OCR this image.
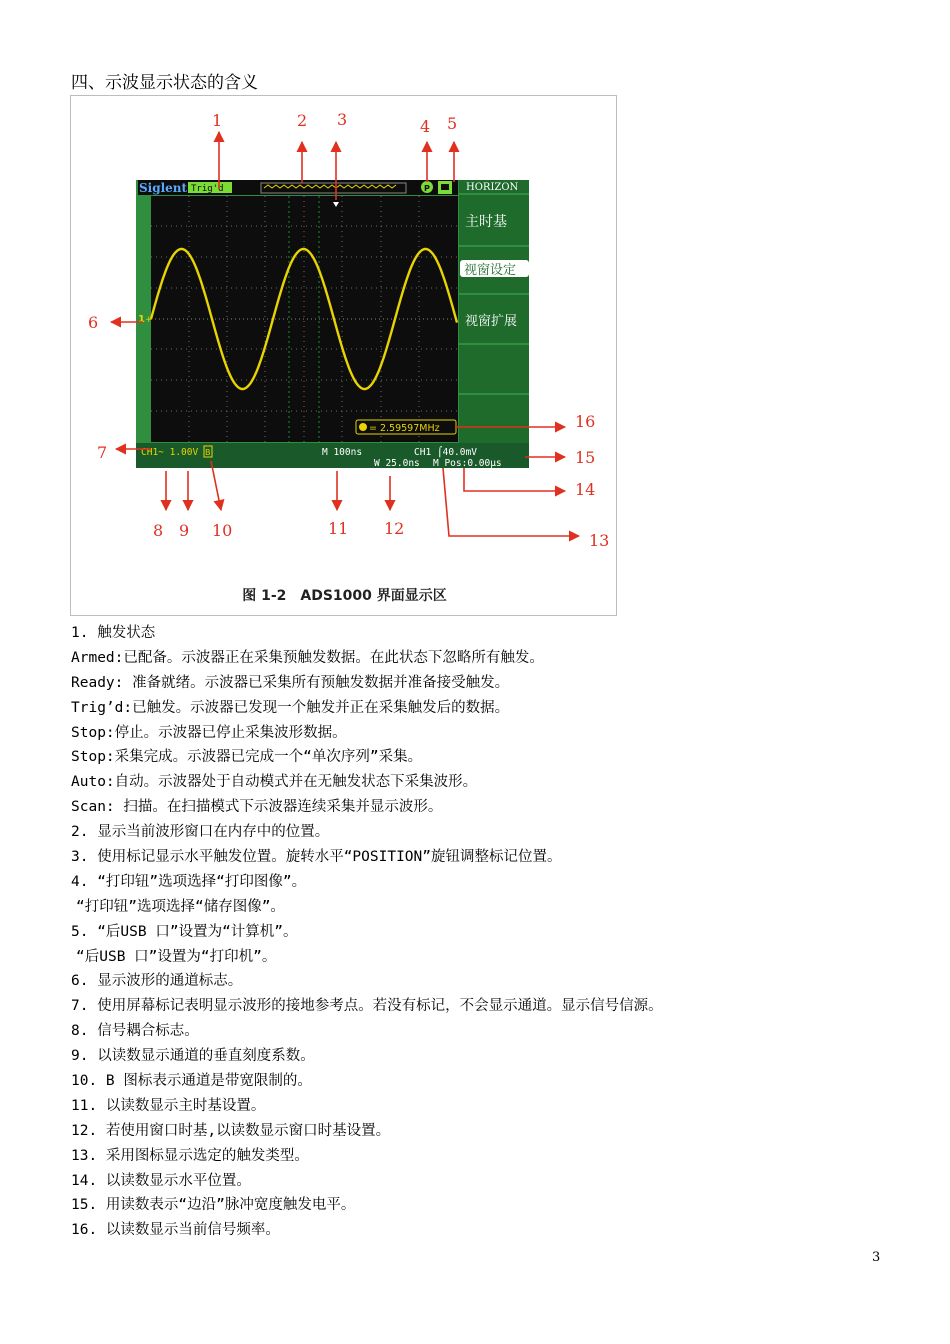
四、示波显示状态的含义
Siglent Trig'd	P	HORIZON
主时基
视窗设定
视窗扩展
1 +
= 2.59597MHz
CH1~ 1.00V B	M 100ns	CH1 ⌠40.0mV
W 25.0ns M Pos:0.00μs
1	2 3	4 5
6
7
8 9 10	11 12
13
14
15
16
图 1-2　ADS1000 界面显示区
1. 触发状态
Armed:已配备。示波器正在采集预触发数据。在此状态下忽略所有触发。
Ready: 准备就绪。示波器已采集所有预触发数据并准备接受触发。
Trig’d:已触发。示波器已发现一个触发并正在采集触发后的数据。
Stop:停止。示波器已停止采集波形数据。
Stop:采集完成。示波器已完成一个“单次序列”采集。
Auto:自动。示波器处于自动模式并在无触发状态下采集波形。
Scan: 扫描。在扫描模式下示波器连续采集并显示波形。
2. 显示当前波形窗口在内存中的位置。
3. 使用标记显示水平触发位置。旋转水平“POSITION”旋钮调整标记位置。
4. “打印钮”选项选择“打印图像”。
“打印钮”选项选择“储存图像”。
5. “后USB 口”设置为“计算机”。
“后USB 口”设置为“打印机”。
6. 显示波形的通道标志。
7. 使用屏幕标记表明显示波形的接地参考点。若没有标记，不会显示通道。显示信号信源。
8. 信号耦合标志。
9. 以读数显示通道的垂直刻度系数。
10. B 图标表示通道是带宽限制的。
11. 以读数显示主时基设置。
12. 若使用窗口时基,以读数显示窗口时基设置。
13. 采用图标显示选定的触发类型。
14. 以读数显示水平位置。
15. 用读数表示“边沿”脉冲宽度触发电平。
16. 以读数显示当前信号频率。
3
